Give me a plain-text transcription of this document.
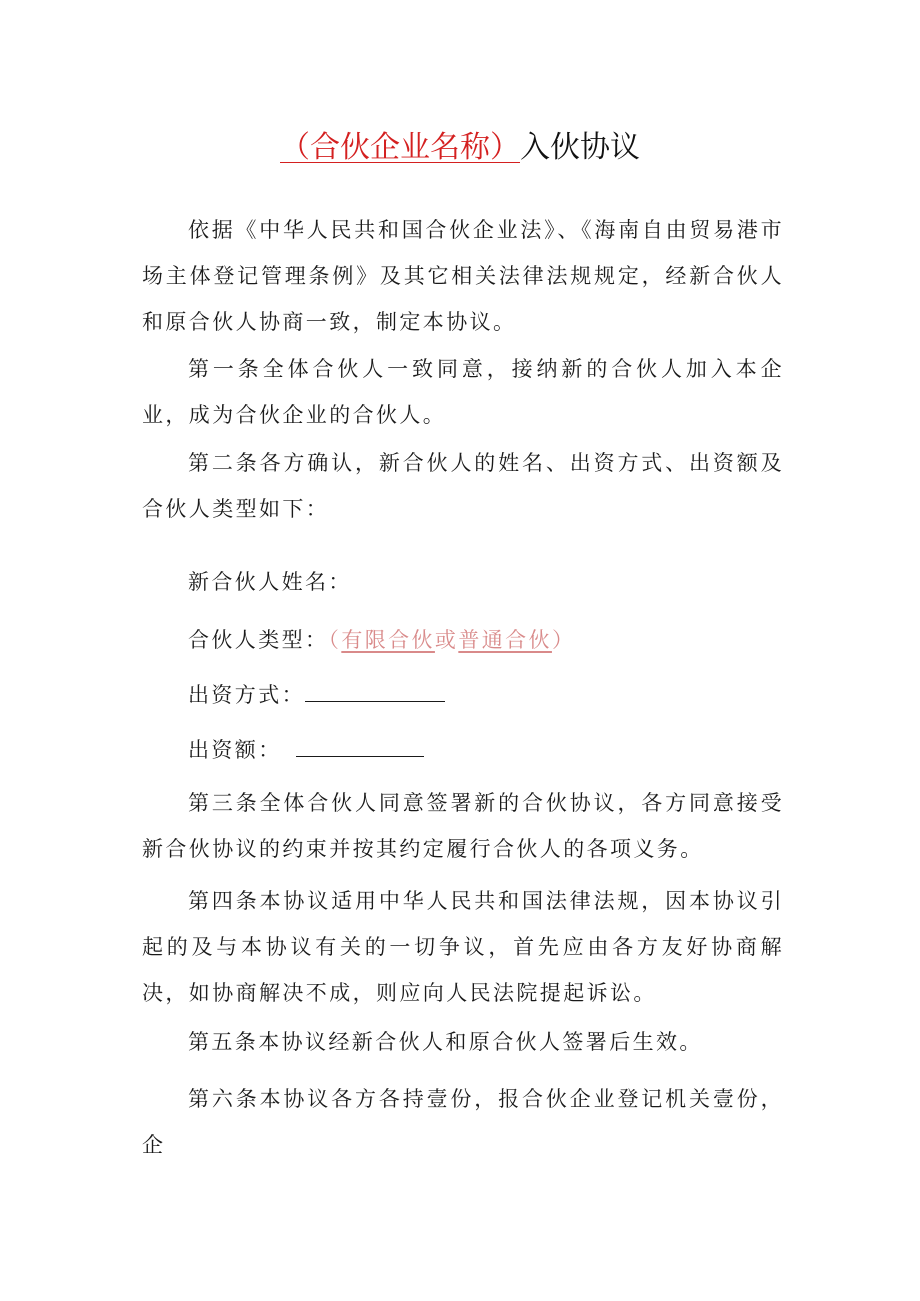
（合伙企业名称）入伙协议

依据《中华人民共和国合伙企业法》、《海南自由贸易港市场主体登记管理条例》及其它相关法律法规规定，经新合伙人和原合伙人协商一致，制定本协议。

第一条全体合伙人一致同意，接纳新的合伙人加入本企业，成为合伙企业的合伙人。

第二条各方确认，新合伙人的姓名、出资方式、出资额及合伙人类型如下：

新合伙人姓名：
合伙人类型：（有限合伙或普通合伙）
出资方式：
出资额：

第三条全体合伙人同意签署新的合伙协议，各方同意接受新合伙协议的约束并按其约定履行合伙人的各项义务。

第四条本协议适用中华人民共和国法律法规，因本协议引起的及与本协议有关的一切争议，首先应由各方友好协商解决，如协商解决不成，则应向人民法院提起诉讼。

第五条本协议经新合伙人和原合伙人签署后生效。

第六条本协议各方各持壹份，报合伙企业登记机关壹份，企
